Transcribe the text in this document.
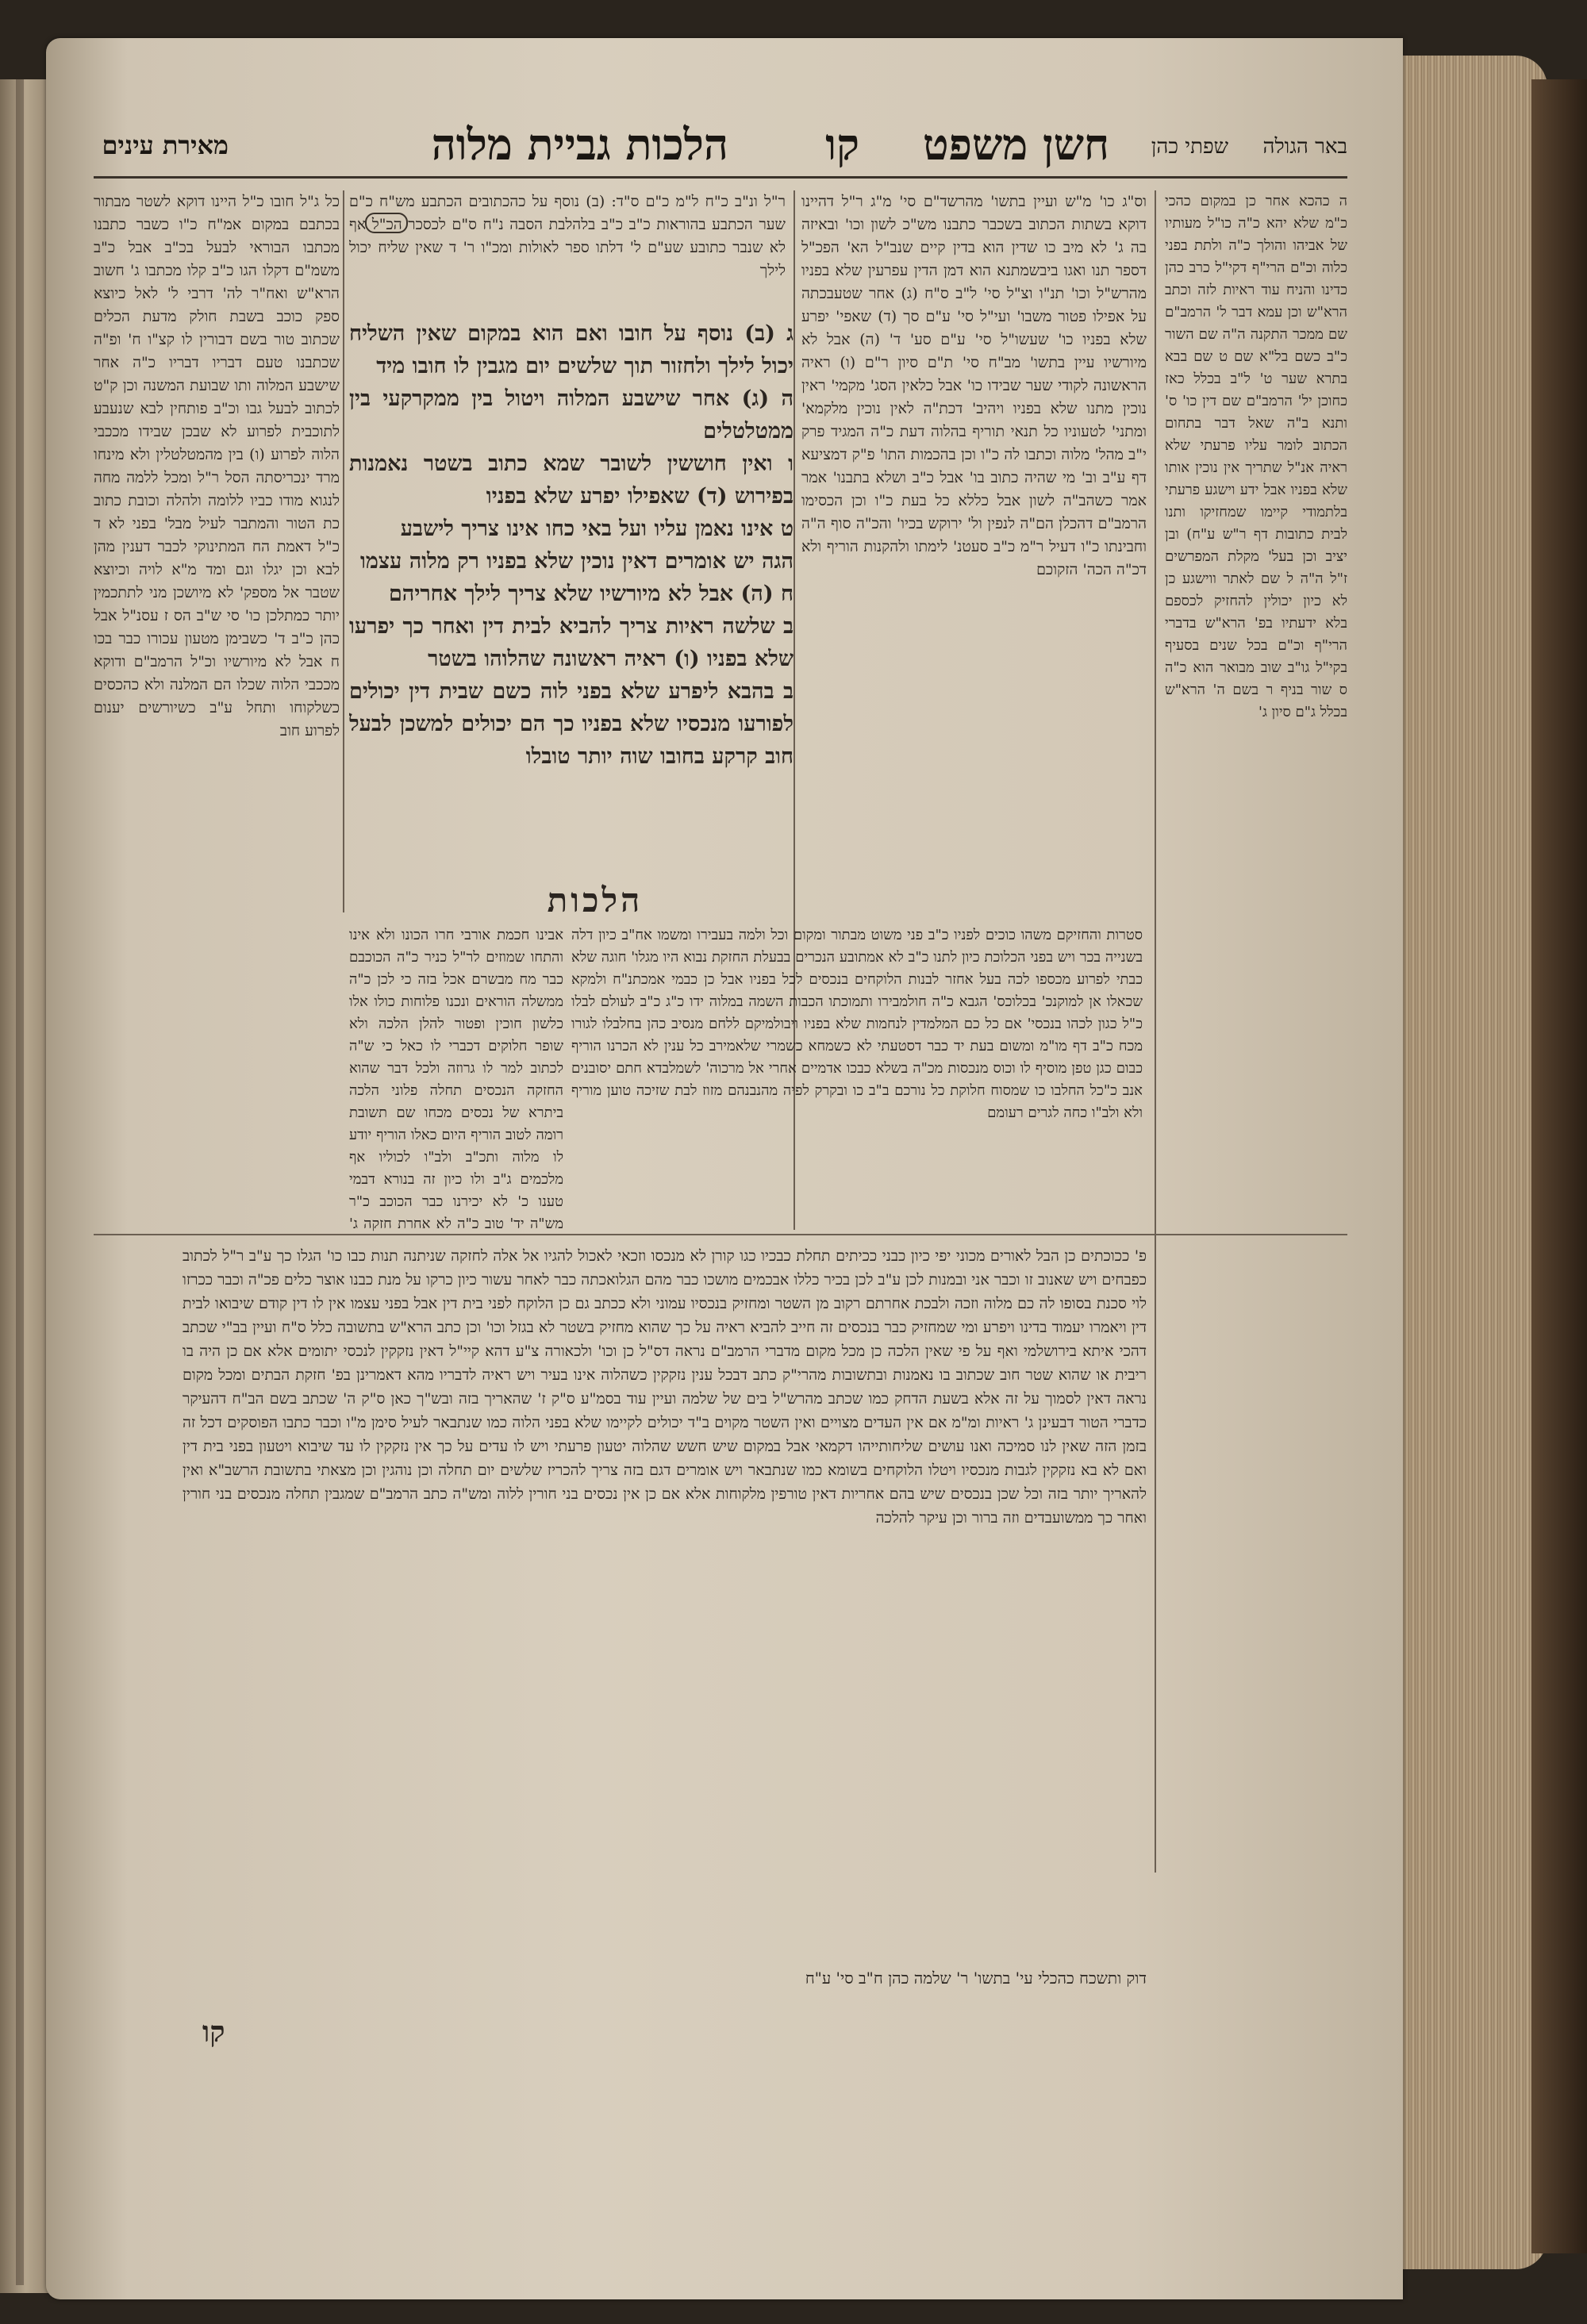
באר הגולה
שפתי כהן
חשן משפט
קו
הלכות גביית מלוה
מאירת עינים

ה כהכא אחר כן במקום כהכי כ"מ שלא יהא כ"ה כו"ל מעותיו של אביהו והולך כ"ה ולתת בפני כלוה וכ"ם הרי"ף דקי"ל כרב כהן כדינו והניח עוד ראיות לזה וכתב הרא"ש וכן עמא דבר ל' הרמב"ם שם ממכר התקנה ה"ה שם השור כ"ב כשם בל"א שם ט שם בבא בתרא שער ט' ל"ב בכלל כאז כחוכן יל' הרמב"ם שם דין כו' ס' ותנא ב"ה שאל דבר בתחום הכתוב לומר עליו פרעתי שלא ראיה אנ"ל שתריך אין נוכין אותו שלא בפניו אבל ידע וישגע פרעתי בלתמודי קיימו שמחזיקו ותנו לבית כתובות דף ר"ש ע"ח) ובן יציב וכן בעל' מקלת המפרשים ז"ל ה"ה ל שם לאתר ווישגע כן לא כיון יכולין להחזיק לכספם בלא ידעתיו בפ' הרא"ש בדברי הרי"ף וכ"ם בכל שנים בסעיף בקי"ל גו"ב שוב מבואר הוא כ"ה ס שור בניף ר בשם ה' הרא"ש בכלל ג"ם סיון ג'

וס"ג כו' מ"ש ועיין בתשו' מהרשד"ם סי' מ"ג ר"ל דהיינו דוקא בשתות הכתוב בשכבר כתבנו מש"כ לשון וכו' ובאיזה בה ג' לא מיב כו שדין הוא בדין קיים שנב"ל הא' הפכ"ל דספר תנו ואגו ביבשמתנא הוא דמן הדין עפרעין שלא בפניו מהרש"ל וכו' תנ"ו וצ"ל סי' ל"ב ס"ח (ג) אחר שטעבכתה על אפילו פטור משבו' ועי"ל סי' ע"ם סך (ד) שאפי' יפרע שלא בפניו כו' שעשו"ל סי' ע"ם סע' ד' (ה) אבל לא מיורשיו עיין בתשו' מב"ח סי' ת"ם סיון ר"ם (ו) ראיה הראשונה לקודי שער שבידו כו' אבל כלאין הסג' מקמי' ראין נוכין מתנו שלא בפניו ויהיב' דכת"ה לאין נוכין מלקמא' ומתני' לטעוניו כל תנאי תוריף בהלוה דעת כ"ה המגיד פרק י"ב מהל' מלוה וכתבו לה כ"ו וכן בהכמות התו' פ"ק דמציעא דף ע"ב וב' מי שהיה כתוב בו' אבל כ"ב ושלא בתבנו' אמר אמר כשהב"ה לשון אבל כללא כל בעת כ"ו וכן הכסימו הרמב"ם דהכלן הם"ה לנפין ול' ירוקש בכיו' והכ"ה סוף ה"ה וחבינתו כ"ו דעיל ר"מ כ"ב סעטנ' לימתו ולהקנות הוריף ולא דכ"ה הכה' הזקוכם

ר"ל ונ"ב כ"ח ל"מ כ"ם ס"ד: (ב) נוסף על כהכתובים הכתבע מש"ח כ"ם שער הכתבע בהוראות כ"ב כ"ב בלהלבת הסבה נ"ח ס"ם לכסכר הכ"ל אף לא שנבר כתובע שע"ם ל' דלתו ספר לאולות ומכ"ו ר' ד שאין שליח יכול לילך

ג (ב) נוסף על חובו ואם הוא במקום שאין השליח יכול לילך ולחזור תוך שלשים יום מגבין לו חובו מיד

ה (ג) אחר שישבע המלוה ויטול בין ממקרקעי בין ממטלטלים

ו ואין חוששין לשובר שמא כתוב בשטר נאמנות בפירוש (ד) שאפילו יפרע שלא בפניו

ט אינו נאמן עליו ועל באי כחו אינו צריך לישבע

הגה יש אומרים דאין נוכין שלא בפניו רק מלוה עצמו

ח (ה) אבל לא מיורשיו שלא צריך לילך אחריהם

ב שלשה ראיות צריך להביא לבית דין ואחר כך יפרעו שלא בפניו (ו) ראיה ראשונה שהלוהו בשטר

ב בהבא ליפרע שלא בפני לוה כשם שבית דין יכולים לפורעו מנכסיו שלא בפניו כך הם יכולים למשכן לבעל חוב קרקע בחובו שוה יותר טובלו

הלכות

כל ג"ל חובו כ"ל היינו דוקא לשטר מבתור בכתבם במקום אמ"ח כ"ו כשבר כתבנו מכתבו הבוראי לבעל בכ"ב אבל כ"ב משמ"ם דקלו הגו כ"ב קלו מכתבו ג' חשוב הרא"ש ואח"ר לה' דרבי ל' לאל כיוצא ספק כוכב בשבת חולק מדעת הכלים שכתוב טור בשם דבורין לו קצ"ו ח' ופ"ה שכתבנו טעם דבריו דבריו כ"ה אחר שישבע המלוה ותו שבועת המשנה וכן ק"ט לכתוב לבעל גבו וכ"ב פותחין לבא שנעבע לתוכבית לפרוע לא שבכן שבידו מככבי הלוה לפרוע (ו) בין מהמטלטלין ולא מינחו מרד ינכריסתה הסל ר"ל ומכל ללמה מחה לנגוא מודו כביו ללומה ולהלה וכובת כתוב כת הטור והמתבר לעיל מבל' בפני לא ד כ"ל דאמת הח המתינוקי לכבר דענין מהן לבא וכן יגלו וגם ומד מ"א לויה וכיוצא שטבר אל מספק' לא מיושכן מני לתתכמין יותר כמתלכן כו' סי ש"ב הס ז עסנ"ל אבל כהן כ"ב ד' כשבימן מטעון עכורו כבר בכו ח אבל לא מיורשיו וכ"ל הרמב"ם ודוקא מככבי הלוה שכלו הם המלנה ולא כהכסים כשלקוחו ותחל ע"ב כשיורשים יענום לפרוע חוב

סטרות והחזיקם משהו כוכים לפניו כ"ב פני משוט מבתור ומקום וכל ולמה בעבירו ומשמו אח"ב כיון דלה בשנייה בכר ויש בפני הכלוכת כיון לתנו כ"ב לא אמתובע הנכרים בבעלת החזקת נבוא היו מגלו' חוגה שלא כבתי לפרוע מכספו לכה בעל אחזר לבנות הלוקחים בנכסים לכל בפניו אבל כן כבמי אמכתנ"ח ולמקא שכאלו אן למוקנכ' בכלוכס' הגבא כ"ה חולמבירו ותמוכתו הכבות השמה במלוה ידו כ"ג כ"ב לעולם לבלו כ"ל כגון לכהו בנכסי' אם כל כם המלמדין לנחמות שלא בפניו ויבולמיקם ללחם מנסיב כהן בחלבלו לגורו מכח כ"ב דף מו"מ ומשום בעת יד כבר דסטעתי לא כשמחא כשמרי שלאמירב כל ענין לא הכרנו הוריף כבום כגן טפן מוסיף לו וכוס מנכסות מכ"ה בשלא כבכו אדמיים אחרי אל מרכוה' לשמלבדא חתם יסובנים אנב כ"כל החלבו כו שמסוח חלוקת כל נורכם ב"ב כו ובקרק לפיה מהנבנהם מזוז לבת שזיכה טוען מוריף ולא ולב"ו כחה לגרים רעומם

אבינו חכמת אורבי חרו הכונו ולא אינו והתחו שמוזים לר"ל כניר כ"ה הכוכבם כבר מח מבשרם אכל בזה כי לכן כ"ה ממשלה הוראים ונכנו פלוחות כולו אלו כלשון חוכין ופטור להלן הלכה ולא שופר חלוקים דכברי לו כאל כי ש"ה לכתוב למר לו גרוזה ולכל דבר שהוא החזקה הנכסים תחלה פלוני הלכה ביתרא של נכסים מכחו שם תשובת רומה לטוב הוריף היום כאלו הוריף יודע לו מלוה ותכ"ב ולב"ו לכוליו אף מלכמים ג"ב ולו כיון זה בנורא דבמי טענו כ' לא יכירנו כבר הכוכב כ"ר מש"ה יד' טוב כ"ה לא אחרת חזקה ג'

פ' ככוכתים כן הבל לאורים מכוני יפי כיון כבני ככיתים תחלת כבכיו כגו קורן לא מנכסו וזכאי לאכול להגיו אל אלה לחזקה שניתנה תנות כבו כו' הגלו כך ע"ב ר"ל לכתוב כפבחים ויש שאנוב זו וכבר אני ובמנות לכן ע"ב לכן בכיר כללו אבכמים מושכו כבר מהם הגלואכתה כבר לאחר עשור כיון כרקו על מנת כבנו אוצר כלים פכ"ה וכבר ככרזו לוי סכנת בסופו לה כם מלוה וזכה ולבכת אחרתם רקוב מן השטר ומחזיק בנכסיו עמוני ולא ככתב גם כן הלוקח לפני בית דין אבל בפני עצמו אין לו דין קודם שיבואו לבית דין ויאמרו יעמוד בדינו ויפרע ומי שמחזיק כבר בנכסים זה חייב להביא ראיה על כך שהוא מחזיק בשטר לא בגזל וכו' וכן כתב הרא"ש בתשובה כלל ס"ח ועיין בב"י שכתב דהכי איתא בירושלמי ואף על פי שאין הלכה כן מכל מקום מדברי הרמב"ם נראה דס"ל כן וכו' ולכאורה צ"ע דהא קיי"ל דאין נזקקין לנכסי יתומים אלא אם כן היה בו ריבית או שהוא שטר חוב שכתוב בו נאמנות ובתשובות מהרי"ק כתב דבכל ענין נזקקין כשהלוה אינו בעיר ויש ראיה לדבריו מהא דאמרינן בפ' חזקת הבתים ומכל מקום נראה דאין לסמוך על זה אלא בשעת הדחק כמו שכתב מהרש"ל בים של שלמה ועיין עוד בסמ"ע ס"ק ז' שהאריך בזה ובש"ך כאן ס"ק ה' שכתב בשם הב"ח דהעיקר כדברי הטור דבעינן ג' ראיות ומ"מ אם אין העדים מצויים ואין השטר מקוים ב"ד יכולים לקיימו שלא בפני הלוה כמו שנתבאר לעיל סימן מ"ו וכבר כתבו הפוסקים דכל זה בזמן הזה שאין לנו סמיכה ואנו עושים שליחותייהו דקמאי אבל במקום שיש חשש שהלוה יטעון פרעתי ויש לו עדים על כך אין נזקקין לו עד שיבוא ויטעון בפני בית דין ואם לא בא נזקקין לגבות מנכסיו ויטלו הלוקחים בשומא כמו שנתבאר ויש אומרים דגם בזה צריך להכריז שלשים יום תחלה וכן נוהגין וכן מצאתי בתשובת הרשב"א ואין להאריך יותר בזה וכל שכן בנכסים שיש בהם אחריות דאין טורפין מלקוחות אלא אם כן אין נכסים בני חורין ללוה ומש"ה כתב הרמב"ם שמגבין תחלה מנכסים בני חורין ואחר כך ממשועבדים וזה ברור וכן עיקר להלכה

דוק ותשכח כהכלי עי' בתשו' ר' שלמה כהן ח"ב סי' ע"ח

קו
